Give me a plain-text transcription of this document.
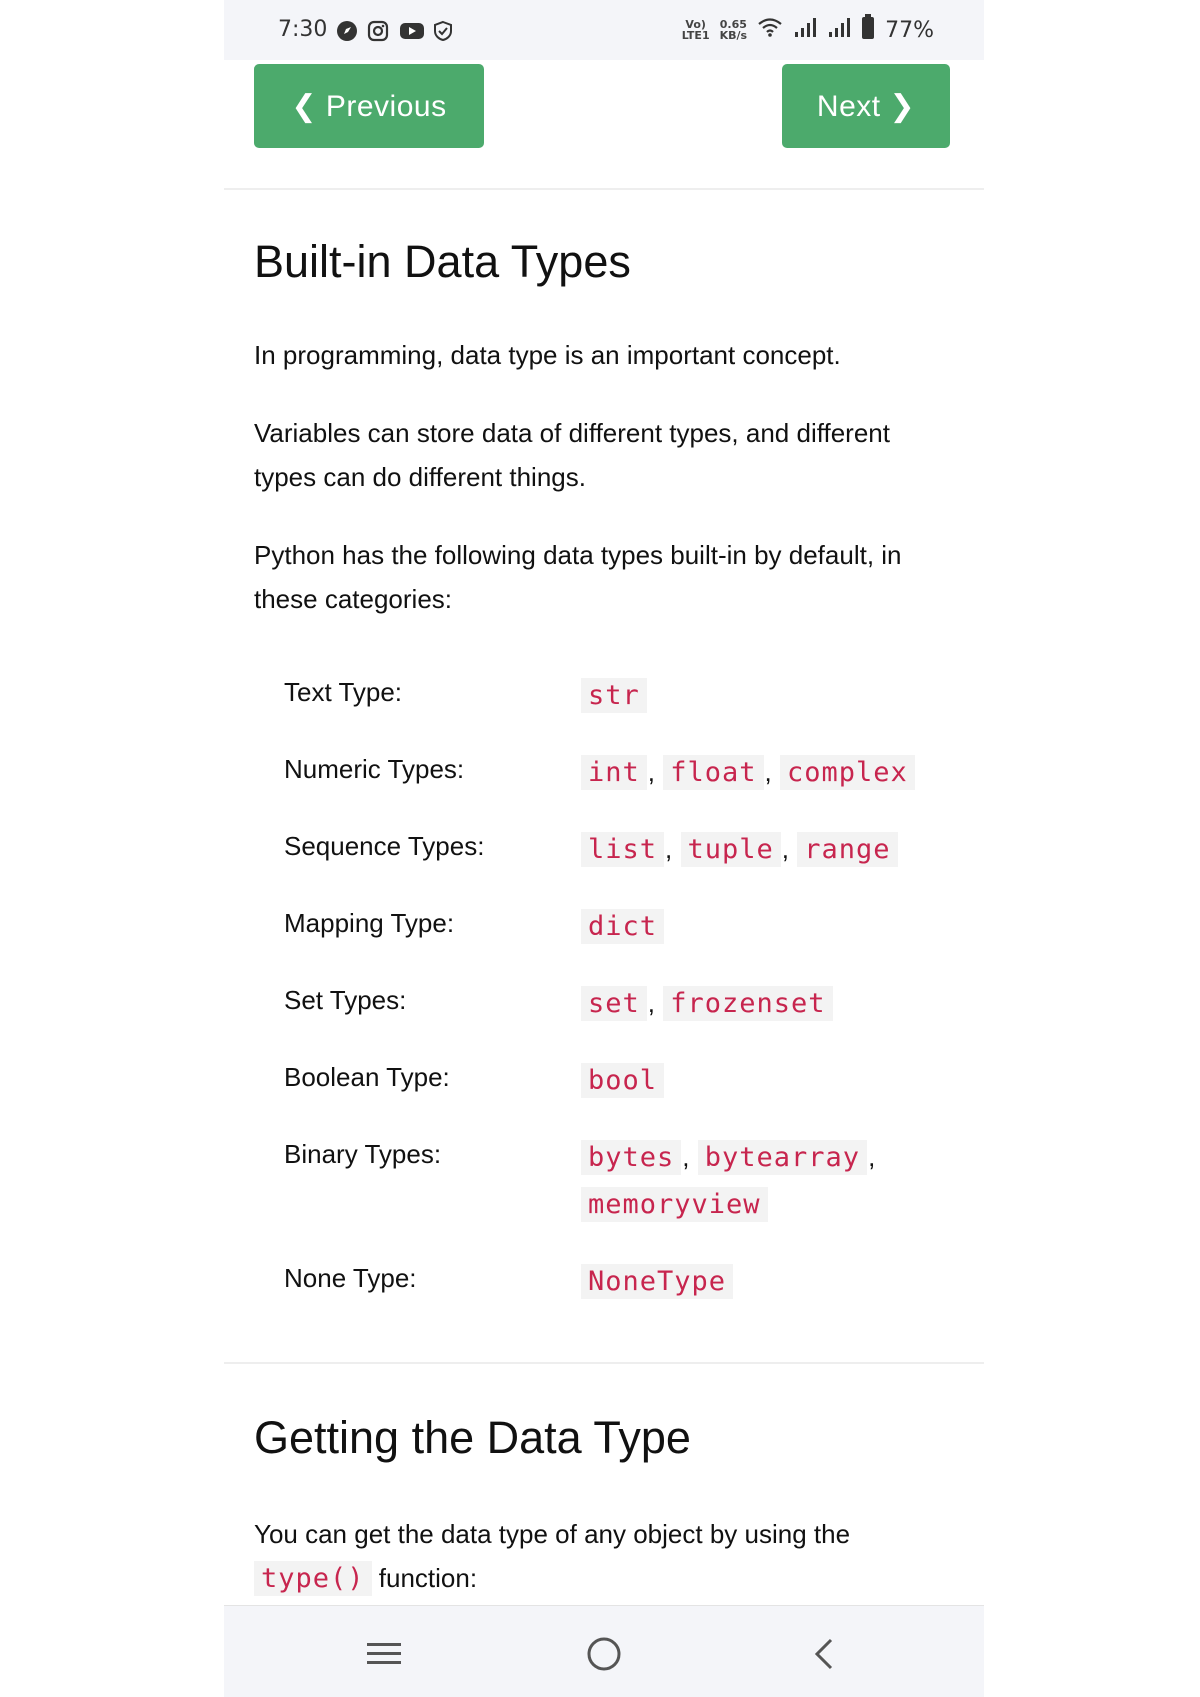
7:30	Vo)
LTE1
0.65
KB/s	77%
❮ Previous	Next ❯
Built-in Data Types

In programming, data type is an important concept.

Variables can store data of different types, and different types can do different things.

Python has the following data types built-in by default, in these categories:

Text Type:	str
Numeric Types:	int , float , complex
Sequence Types:	list , tuple , range
Mapping Type:	dict
Set Types:	set , frozenset
Boolean Type:	bool
Binary Types:	bytes , bytearray ,
memoryview
None Type:	NoneType
Getting the Data Type

You can get the data type of any object by using the
type() function:
